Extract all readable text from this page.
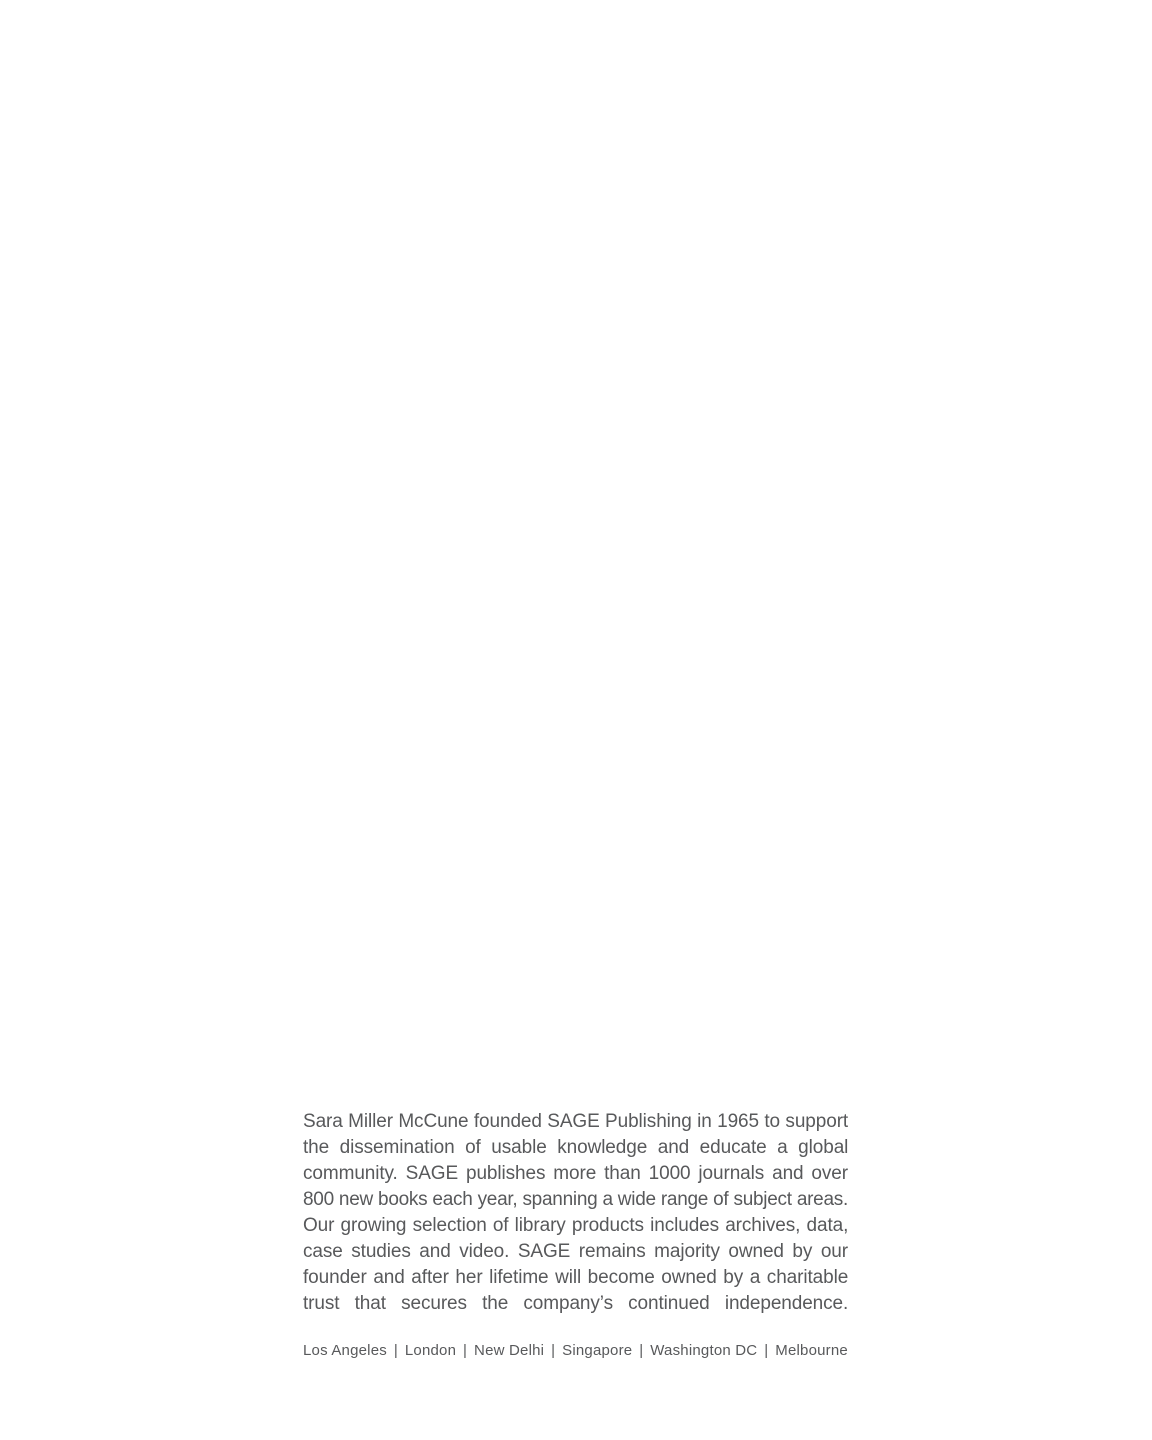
Sara Miller McCune founded SAGE Publishing in 1965 to support
the dissemination of usable knowledge and educate a global
community. SAGE publishes more than 1000 journals and over
800 new books each year, spanning a wide range of subject areas.
Our growing selection of library products includes archives, data,
case studies and video. SAGE remains majority owned by our
founder and after her lifetime will become owned by a charitable
trust that secures the company’s continued independence.

Los Angeles | London | New Delhi | Singapore | Washington DC | Melbourne
